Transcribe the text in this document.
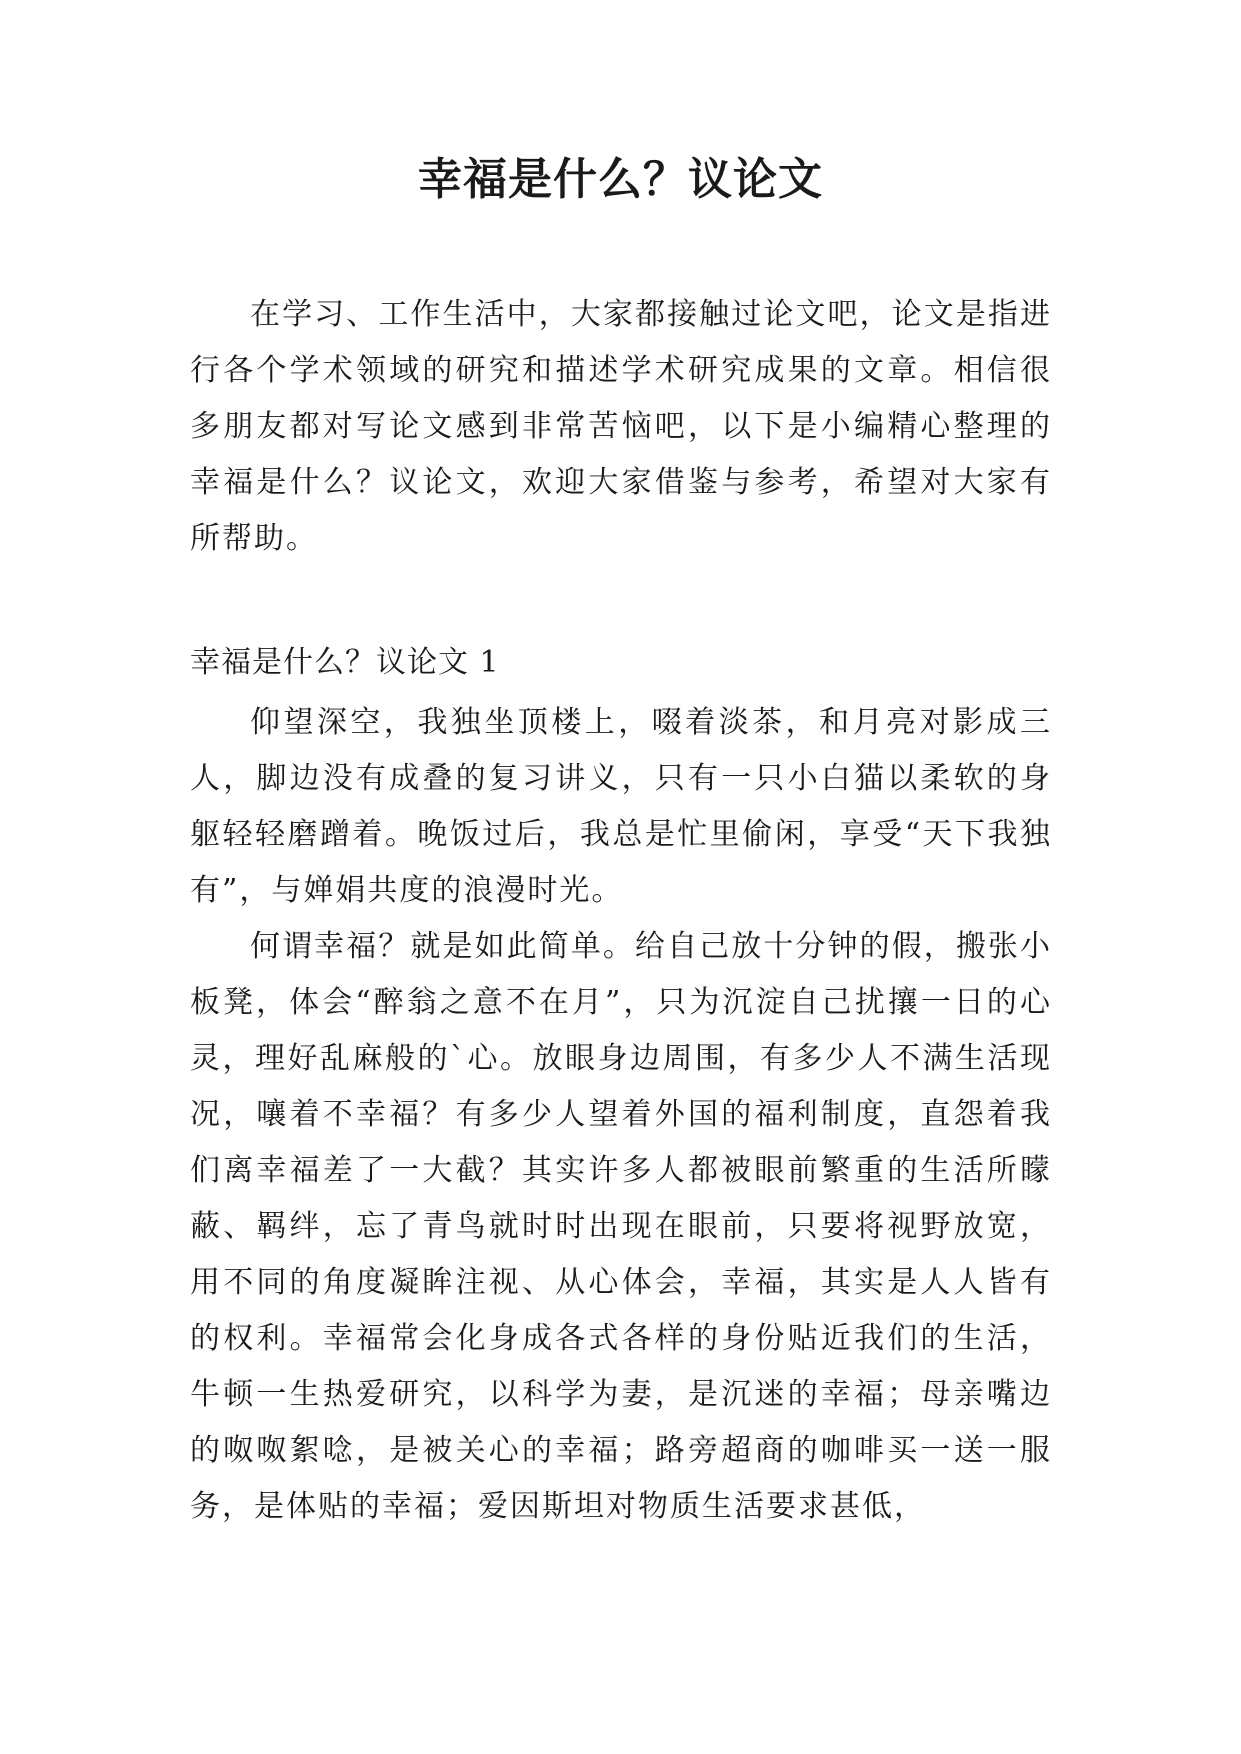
幸福是什么？议论文

在学习、工作生活中，大家都接触过论文吧，论文是指进行各个学术领域的研究和描述学术研究成果的文章。相信很多朋友都对写论文感到非常苦恼吧，以下是小编精心整理的幸福是什么？议论文，欢迎大家借鉴与参考，希望对大家有所帮助。

幸福是什么？议论文 1

仰望深空，我独坐顶楼上，啜着淡茶，和月亮对影成三人，脚边没有成叠的复习讲义，只有一只小白猫以柔软的身躯轻轻磨蹭着。晚饭过后，我总是忙里偷闲，享受“天下我独有”，与婵娟共度的浪漫时光。

何谓幸福？就是如此简单。给自己放十分钟的假，搬张小板凳，体会“醉翁之意不在月”，只为沉淀自己扰攘一日的心灵，理好乱麻般的`心。放眼身边周围，有多少人不满生活现况，嚷着不幸福？有多少人望着外国的福利制度，直怨着我们离幸福差了一大截？其实许多人都被眼前繁重的生活所矇蔽、羁绊，忘了青鸟就时时出现在眼前，只要将视野放宽，用不同的角度凝眸注视、从心体会，幸福，其实是人人皆有的权利。幸福常会化身成各式各样的身份贴近我们的生活，牛顿一生热爱研究，以科学为妻，是沉迷的幸福；母亲嘴边的呶呶絮唸，是被关心的幸福；路旁超商的咖啡买一送一服务，是体贴的幸福；爱因斯坦对物质生活要求甚低，
